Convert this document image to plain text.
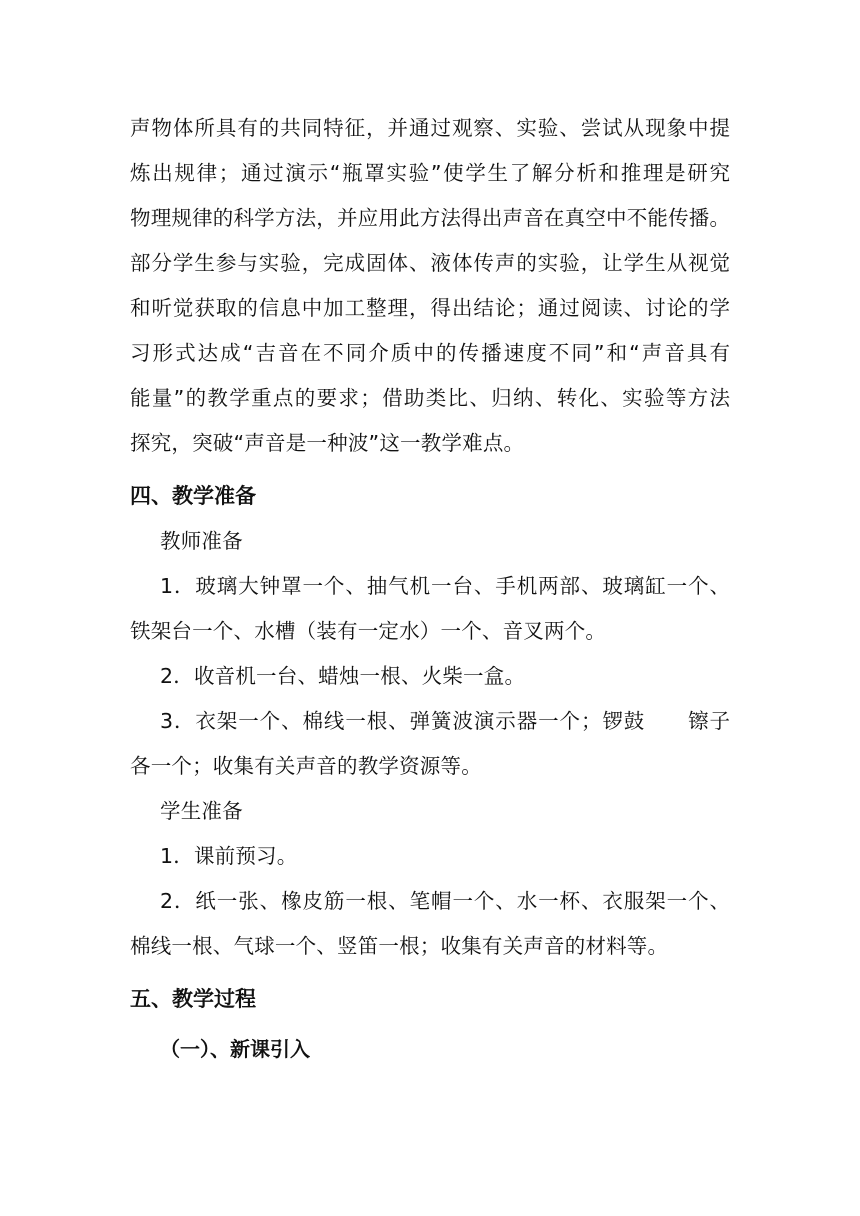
声物体所具有的共同特征，并通过观察、实验、尝试从现象中提
炼出规律；通过演示“瓶罩实验”使学生了解分析和推理是研究
物理规律的科学方法，并应用此方法得出声音在真空中不能传播。
部分学生参与实验，完成固体、液体传声的实验，让学生从视觉
和听觉获取的信息中加工整理，得出结论；通过阅读、讨论的学
习形式达成“吉音在不同介质中的传播速度不同”和“声音具有
能量”的教学重点的要求；借助类比、归纳、转化、实验等方法
探究，突破“声音是一种波”这一教学难点。
四、教学准备
教师准备
1．玻璃大钟罩一个、抽气机一台、手机两部、玻璃缸一个、
铁架台一个、水槽（装有一定水）一个、音叉两个。
2．收音机一台、蜡烛一根、火柴一盒。
3．衣架一个、棉线一根、弹簧波演示器一个；锣鼓　　镲子
各一个；收集有关声音的教学资源等。
学生准备
1．课前预习。
2．纸一张、橡皮筋一根、笔帽一个、水一杯、衣服架一个、
棉线一根、气球一个、竖笛一根；收集有关声音的材料等。
五、教学过程
（一）、新课引入
